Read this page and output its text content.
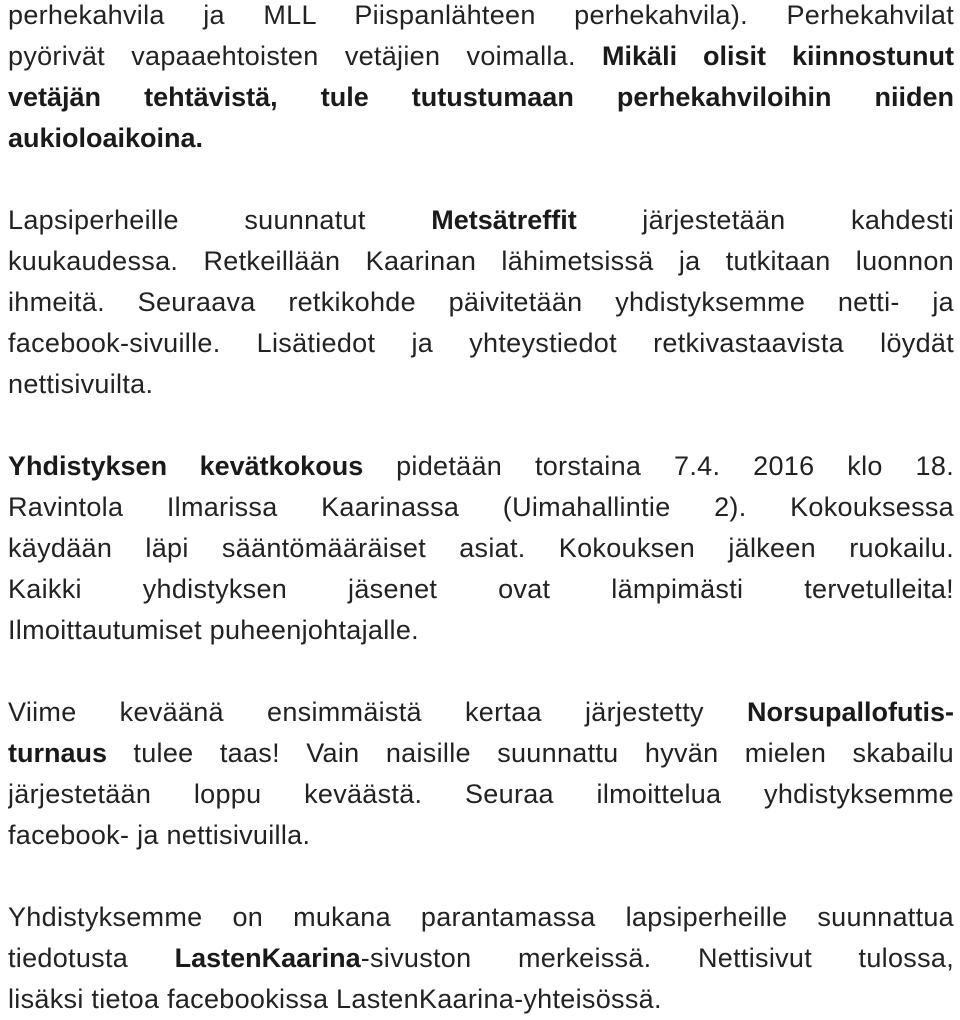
perhekahvila ja MLL Piispanlähteen perhekahvila). Perhekahvilat
pyörivät vapaaehtoisten vetäjien voimalla. Mikäli olisit kiinnostunut
vetäjän tehtävistä, tule tutustumaan perhekahviloihin niiden
aukioloaikoina.
Lapsiperheille suunnatut Metsätreffit järjestetään kahdesti
kuukaudessa. Retkeillään Kaarinan lähimetsissä ja tutkitaan luonnon
ihmeitä. Seuraava retkikohde päivitetään yhdistyksemme netti- ja
facebook-sivuille. Lisätiedot ja yhteystiedot retkivastaavista löydät
nettisivuilta.
Yhdistyksen kevätkokous pidetään torstaina 7.4. 2016 klo 18.
Ravintola Ilmarissa Kaarinassa (Uimahallintie 2). Kokouksessa
käydään läpi sääntömääräiset asiat. Kokouksen jälkeen ruokailu.
Kaikki yhdistyksen jäsenet ovat lämpimästi tervetulleita!
Ilmoittautumiset puheenjohtajalle.
Viime keväänä ensimmäistä kertaa järjestetty Norsupallofutis-
turnaus tulee taas! Vain naisille suunnattu hyvän mielen skabailu
järjestetään loppu keväästä. Seuraa ilmoittelua yhdistyksemme
facebook- ja nettisivuilla.
Yhdistyksemme on mukana parantamassa lapsiperheille suunnattua
tiedotusta LastenKaarina-sivuston merkeissä. Nettisivut tulossa,
lisäksi tietoa facebookissa LastenKaarina-yhteisössä.
